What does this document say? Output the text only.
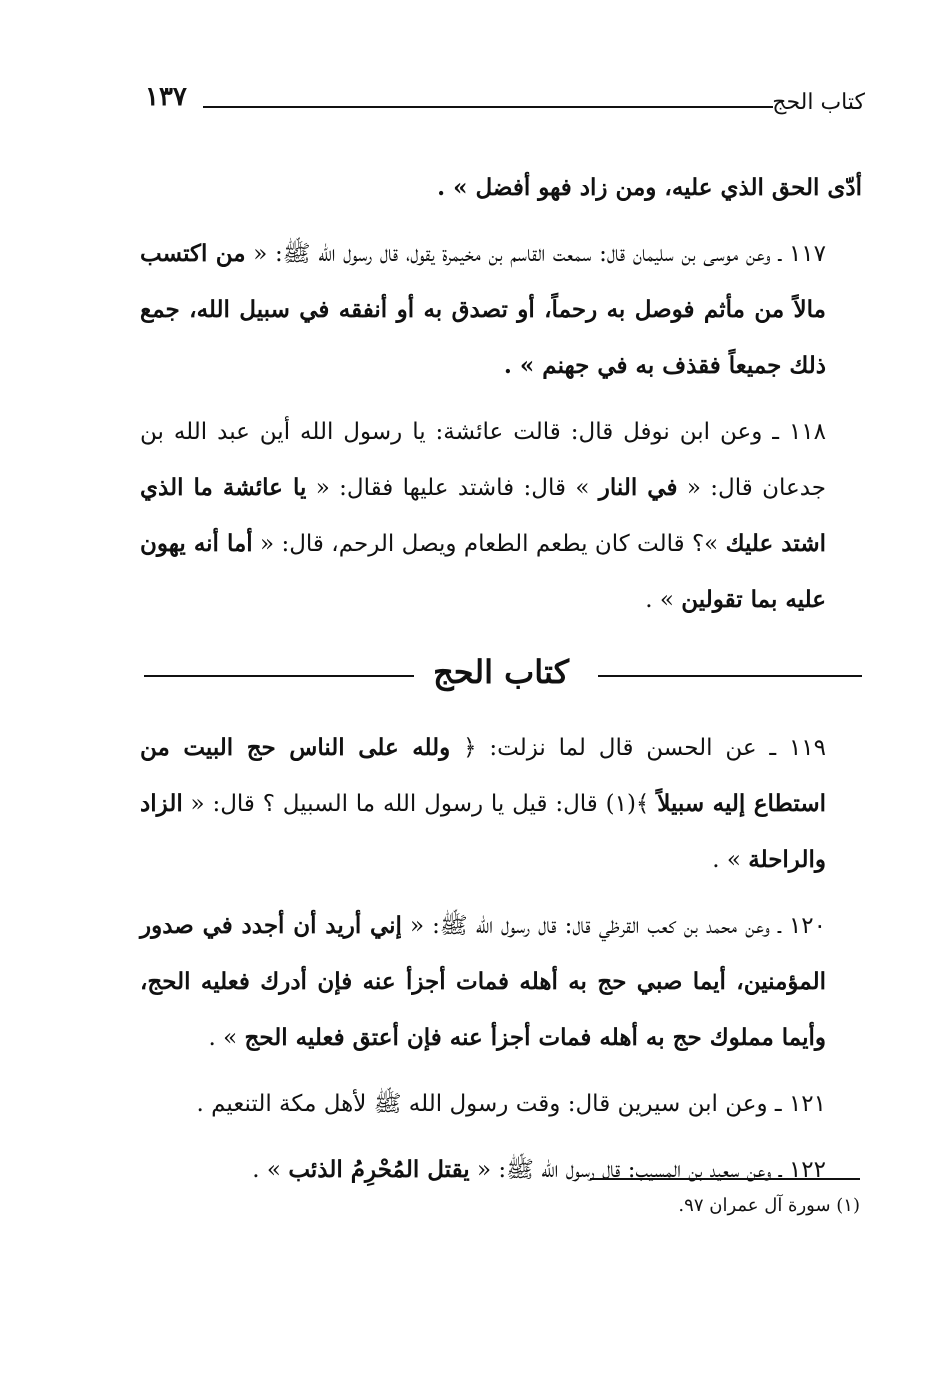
كتاب الحج
١٣٧

أدّى الحق الذي عليه، ومن زاد فهو أفضل » .

١١٧ ـ وعن موسى بن سليمان قال: سمعت القاسم بن مخيمرة يقول، قال رسول الله ﷺ: « من اكتسب مالاً من مأثم فوصل به رحماً، أو تصدق به أو أنفقه في سبيل الله، جمع ذلك جميعاً فقذف به في جهنم » .

١١٨ ـ وعن ابن نوفل قال: قالت عائشة: يا رسول الله أين عبد الله بن جدعان قال: « في النار » قال: فاشتد عليها فقال: « يا عائشة ما الذي اشتد عليك »؟ قالت كان يطعم الطعام ويصل الرحم، قال: « أما أنه يهون عليه بما تقولين » .

كتاب الحج

١١٩ ـ عن الحسن قال لما نزلت: ﴿ ولله على الناس حج البيت من استطاع إليه سبيلاً ﴾(١) قال: قيل يا رسول الله ما السبيل ؟ قال: « الزاد والراحلة » .

١٢٠ ـ وعن محمد بن كعب القرظي قال: قال رسول الله ﷺ: « إني أريد أن أجدد في صدور المؤمنين، أيما صبي حج به أهله فمات أجزأ عنه فإن أدرك فعليه الحج، وأيما مملوك حج به أهله فمات أجزأ عنه فإن أعتق فعليه الحج » .

١٢١ ـ وعن ابن سيرين قال: وقت رسول الله ﷺ لأهل مكة التنعيم .

١٢٢ ـ وعن سعيد بن المسيب: قال رسول الله ﷺ: « يقتل المُحْرِمُ الذئب » .

(١) سورة آل عمران ٩٧.
